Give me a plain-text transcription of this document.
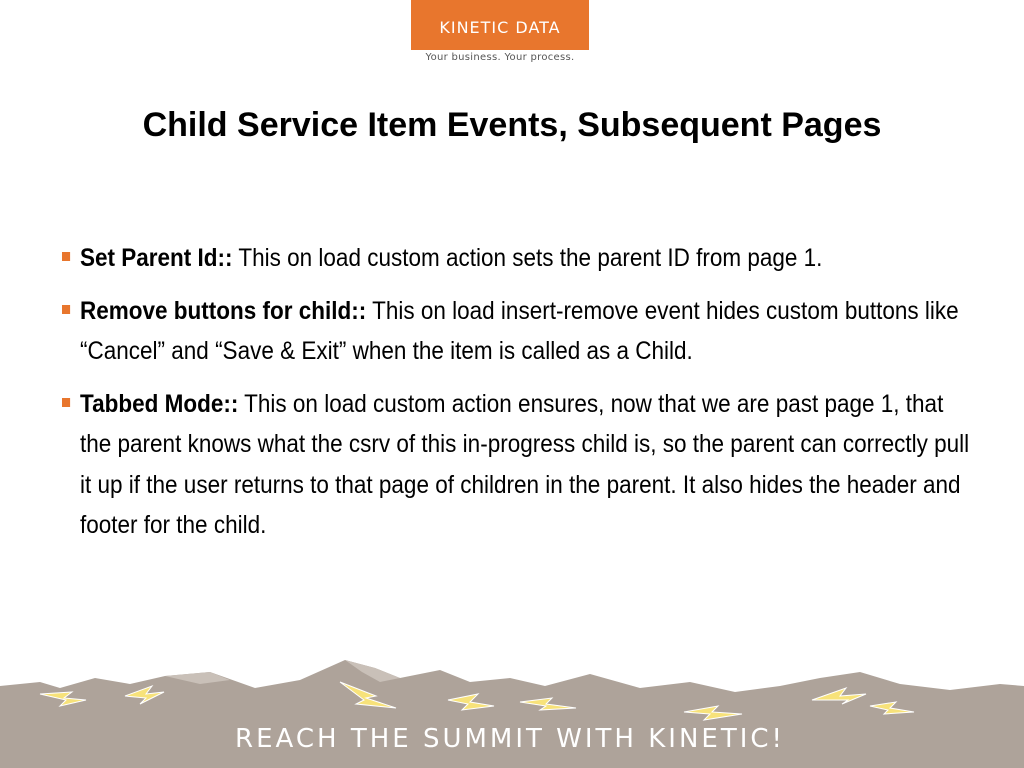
KINETIC DATA
Your business. Your process.
Child Service Item Events, Subsequent Pages
Set Parent Id:: This on load custom action sets the parent ID from page 1.
Remove buttons for child:: This on load insert-remove event hides custom buttons like “Cancel” and “Save & Exit” when the item is called as a Child.
Tabbed Mode:: This on load custom action ensures, now that we are past page 1, that the parent knows what the csrv of this in-progress child is, so the parent can correctly pull it up if the user returns to that page of children in the parent. It also hides the header and footer for the child.
REACH THE SUMMIT WITH KINETIC!
